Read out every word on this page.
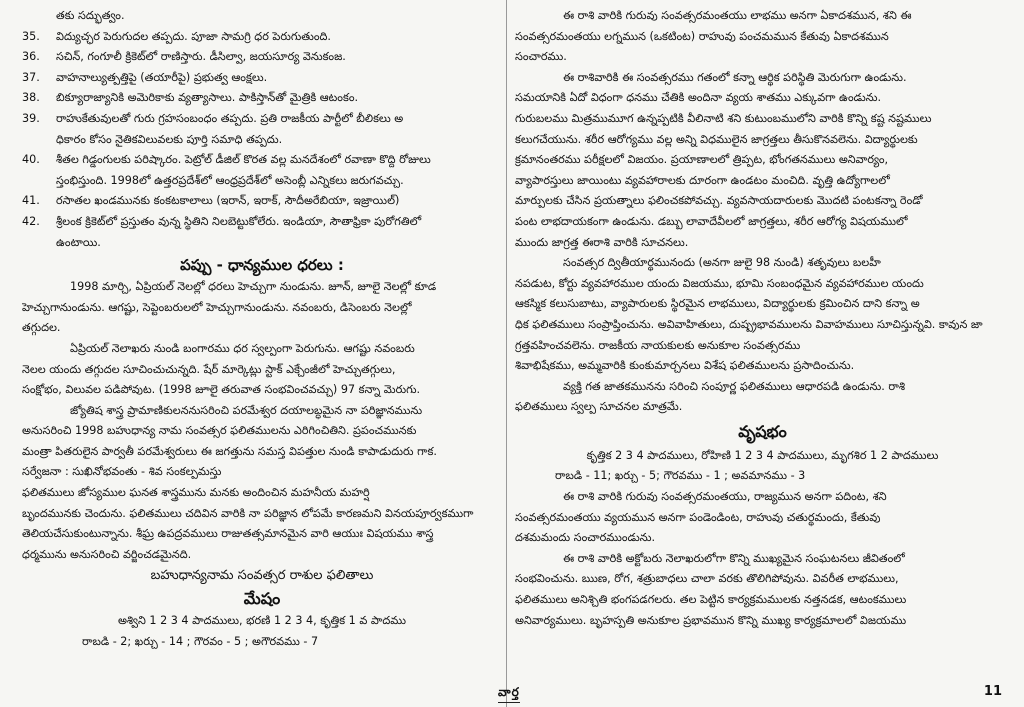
తకు సద్భుత్వం.
35. విద్యుచ్ఛర పెరుగుదల తప్పదు. పూజా సామగ్రి ధర పెరుగుతుంది.
36. సచిన్, గంగూలీ క్రికెట్‌లో రాణిస్తారు. డీసిల్వా, జయసూర్య వెనుకంజ.
37. వాహనాల్యుత్పత్తిపై (తయారీపై) ప్రభుత్వ ఆంక్షలు.
38. బిక్యూరాజ్యానికి అమెరికాకు వ్యత్యాసాలు. పాకిస్తాన్‌తో మైత్రికి ఆటంకం.
39. రాహుకేతువులతో గురు గ్రహసంబంధం తప్పదు. ప్రతి రాజకీయ పార్టీలో బీలికలు అ
ధికారం కోసం నైతికవిలువలకు పూర్తి సమాధి తప్పదు.
40. శీతల గిడ్డంగులకు పరిష్కారం. పెట్రోల్ డీజిల్ కొరత వల్ల మనదేశంలో రవాణా కొద్ది రోజులు
స్తంభిస్తుంది. 1998లో ఉత్తరప్రదేశ్‌లో ఆంధ్రప్రదేశ్‌లో అసెంబ్లీ ఎన్నికలు జరుగవచ్చు.
41. రసాతల ఖండమునకు కంకటకాలాలు (ఇరాన్, ఇరాక్, సౌదీఅరేబియా, ఇజ్రాయిల్)
42. శ్రీలంక క్రికెట్‌లో ప్రస్తుతం వున్న స్థితిని నిలబెట్టుకోలేరు. ఇండియా, సౌతాఫ్రికా పురోగతిలో
ఉంటాయి.
పప్పు - ధాన్యముల ధరలు :
1998 మార్చి, ఏప్రియల్ నెలల్లో ధరలు హెచ్చుగా నుండును. జూన్, జూలై నెలల్లో కూడ
హెచ్చుగానుండును. ఆగష్టు, సెప్టెంబరులలో హెచ్చుగానుండును. నవంబరు, డిసెంబరు నెలల్లో
తగ్గుదల.
ఏప్రియల్ నెలాఖరు నుండి బంగారము ధర స్వల్పంగా పెరుగును. ఆగష్టు నవంబరు
నెలల యందు తగ్గుదల సూచించుచున్నది. షేర్ మార్కెట్లు స్టాక్ ఎక్చేంజీలో హెచ్చుతగ్గులు,
సంక్షోభం, విలువల పడిపోవుట. (1998 జూలై తరువాత సంభవించవచ్చు) 97 కన్నా మెరుగు.
జ్యోతిష శాస్త్ర ప్రామాణికులననుసరించి పరమేశ్వర దయాలబ్ధమైన నా పరిజ్ఞానమును
అనుసరించి 1998 బహుధాన్య నామ సంవత్సర ఫలితములను ఎరిగించితిని. ప్రపంచమునకు
మంత్రా పితరులైన పార్వతీ పరమేశ్వరులు ఈ జగత్తును సమస్త విపత్తుల నుండి కాపాడుదురు గాక.
సర్వేజనా : సుఖినోభవంతు - శివ సంకల్పమస్తు
ఫలితములు జోస్యముల ఘనత శాస్త్రమును మనకు అందించిన మహనీయ మహర్షి
బృందమునకు చెందును. ఫలితములు చదివిన వారికి నా పరిజ్ఞాన లోపమే కారణమని వినయపూర్వకముగా
తెలియచేసుకుంటున్నాను. శీఘ్ర ఉపద్రవములు రాజుతత్సమానమైన వారి ఆయుః విషయము శాస్త్ర
ధర్మమును అనుసరించి వర్జించడమైనది.
బహుధాన్యనామ సంవత్సర రాశుల ఫలితాలు
మేషం
అశ్విని 1 2 3 4 పాదములు, భరణి 1 2 3 4, కృత్తిక 1 వ పాదము
రాబడి - 2; ఖర్చు - 14 ; గౌరవం - 5 ; అగౌరవము - 7
ఈ రాశి వారికి గురువు సంవత్సరమంతయు లాభము అనగా ఏకాదశమున, శని ఈ
సంవత్సరమంతయు లగ్నమున (ఒకటింట) రాహువు పంచమమున కేతువు ఏకాదశమున
సంచారము.
ఈ రాశివారికి ఈ సంవత్సరము గతంలో కన్నా ఆర్థిక పరిస్థితి మెరుగుగా ఉండును.
సమయానికి ఏదో విధంగా ధనము చేతికి అందినా వ్యయ శాతము ఎక్కువగా ఉండును.
గురుబలము మిత్రముమూగ ఉన్నప్పటికి వీలినాటి శని కుటుంబములోని వారికి కొన్ని కష్ట నష్టములు
కలుగచేయును. శరీర ఆరోగ్యము వల్ల అన్ని విధములైన జాగ్రత్తలు తీసుకొనవలెను. విద్యార్థులకు
క్రమానంతరము పరీక్షలలో విజయం. ప్రయాణాలలో త్రిప్పట, భోంగతనములు అనివార్యం,
వ్యాపారస్తులు జాయింటు వ్యవహారాలకు దూరంగా ఉండటం మంచిది. వృత్తి ఉద్యోగాలలో
మార్పులకు చేసిన ప్రయత్నాలు ఫలించకపోవచ్చు. వ్యవసాయదారులకు మొదటి పంటకన్నా రెండో
పంట లాభదాయకంగా ఉండును. డబ్బు లావాదేవీలలో జాగ్రత్తలు, శరీర ఆరోగ్య విషయములో
ముందు జాగ్రత్త ఈరాశి వారికి సూచనలు.
సంవత్సర ద్వితీయార్థమునందు (అనగా జులై 98 నుండి) శతృవులు బలహీ
నపడుట, కోర్టు వ్యవహారముల యందు విజయము, భూమి సంబంధమైన వ్యవహారముల యందు
ఆకస్మిక కలుసుబాటు, వ్యాపారులకు స్థిరమైన లాభములు, విద్యార్థులకు క్రమించిన దాని కన్నా అ
ధిక ఫలితములు సంప్రాప్తించును. అవివాహితులు, దుష్ప్రభావములను వివాహములు సూచిస్తున్నవి. కావున జా
గ్రత్తవహించవలెను. రాజకీయ నాయకులకు అనుకూల సంవత్సరము
శివాభిషేకము, అమ్మవారికి కుంకుమార్చనలు విశేష ఫలితములను ప్రసాదించును.
వ్యక్తి గత జాతకమునను సరించి సంపూర్ణ ఫలితములు ఆధారపడి ఉండును. రాశి
ఫలితములు స్వల్ప సూచనల మాత్రమే.
వృషభం
కృత్తిక 2 3 4 పాదములు, రోహిణి 1 2 3 4 పాదములు, మృగశిర 1 2 పాదములు
రాబడి - 11; ఖర్చు - 5; గౌరవము - 1 ; అవమానము - 3
ఈ రాశి వారికి గురువు సంవత్సరమంతయు, రాజ్యమున అనగా పదింట, శని
సంవత్సరమంతయు వ్యయమున అనగా పండెండింట, రాహువు చతుర్థమందు, కేతువు
దశమమందు సంచారముండును.
ఈ రాశి వారికి అక్టోబరు నెలాఖరులోగా కొన్ని ముఖ్యమైన సంఘటనలు జీవితంలో
సంభవించును. ఋణ, రోగ, శత్రుబాధలు చాలా వరకు తొలిగిపోవును. వివరీత లాభములు,
ఫలితములు అనిశ్చితి భంగపడగలరు. తల పెట్టిన కార్యక్రమములకు నత్తనడక, ఆటంకములు
అనివార్యములు. బృహస్పతి అనుకూల ప్రభావమున కొన్ని ముఖ్య కార్యక్రమాలలో విజయము
వార్త	11
